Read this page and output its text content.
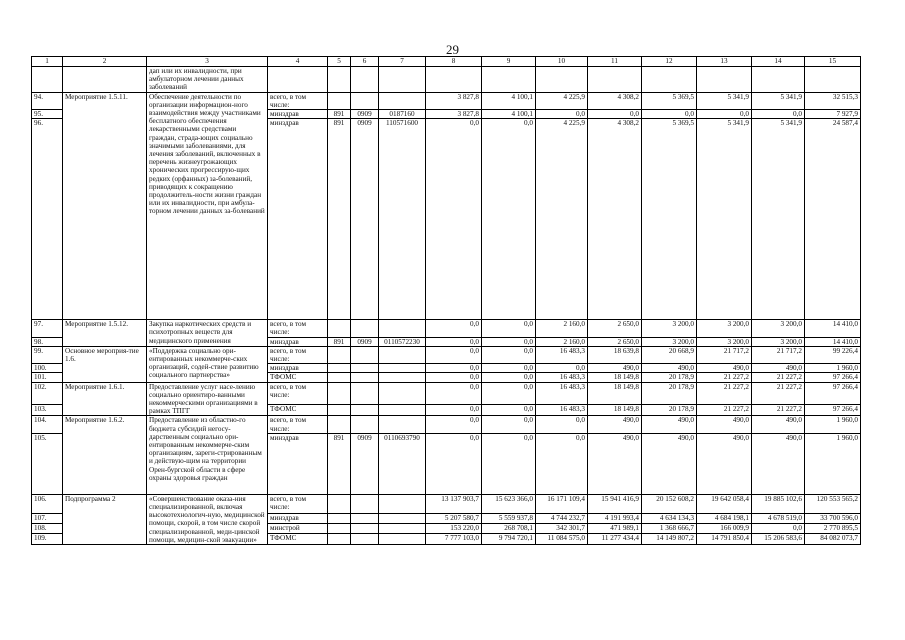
29
1	2	3	4	5	6	7	8	9	10	11	12	13	14	15
		дап или их инвалидности, при амбулаторном лечении данных заболеваний												
94.	Мероприятие 1.5.11.	Обеспечение деятельности по организации информацион-ного взаимодействия между участниками бесплатного обеспечения лекарственными средствами граждан, страда-ющих социально значимыми заболеваниями, для лечения заболеваний, включенных в перечень жизнеугрожающих хронических прогрессирую-щих редких (орфанных) за-болеваний, приводящих к сокращению продолжитель-ности жизни граждан или их инвалидности, при амбула-торном лечении данных за-болеваний	всего, в том числе:				3 827,8	4 100,1	4 225,9	4 308,2	5 369,5	5 341,9	5 341,9	32 515,3
95.			минздрав	891	0909	0187160	3 827,8	4 100,1	0,0	0,0	0,0	0,0	0,0	7 927,9
96.			минздрав	891	0909	110571600	0,0	0,0	4 225,9	4 308,2	5 369,5	5 341,9	5 341,9	24 587,4
97.	Мероприятие 1.5.12.	Закупка наркотических средств и психотропных веществ для медицинского применения	всего, в том числе:				0,0	0,0	2 160,0	2 650,0	3 200,0	3 200,0	3 200,0	14 410,0
98.			минздрав	891	0909	0110572230	0,0	0,0	2 160,0	2 650,0	3 200,0	3 200,0	3 200,0	14 410,0
99.	Основное мероприя-тие 1.6.	«Поддержка социально ори-ентированных некоммерче-ских организаций, содей-ствие развитию социального партнерства»	всего, в том числе:				0,0	0,0	16 483,3	18 639,8	20 668,9	21 717,2	21 717,2	99 226,4
100.			минздрав				0,0	0,0	0,0	490,0	490,0	490,0	490,0	1 960,0
101.			ТФОМС				0,0	0,0	16 483,3	18 149,8	20 178,9	21 227,2	21 227,2	97 266,4
102.	Мероприятие 1.6.1.	Предоставление услуг насе-лению социально ориентиро-ванными некоммерческими организациями в рамках ТПГГ	всего, в том числе:				0,0	0,0	16 483,3	18 149,8	20 178,9	21 227,2	21 227,2	97 266,4
103.			ТФОМС				0,0	0,0	16 483,3	18 149,8	20 178,9	21 227,2	21 227,2	97 266,4
104.	Мероприятие 1.6.2.	Предоставление из областно-го бюджета субсидий негосу-дарственным социально ори-ентированным некоммерче-ским организациям, зареги-стрированным и действую-щим на территории Орен-бургской области в сфере охраны здоровья граждан	всего, в том числе:				0,0	0,0	0,0	490,0	490,0	490,0	490,0	1 960,0
105.			минздрав	891	0909	0110693790	0,0	0,0	0,0	490,0	490,0	490,0	490,0	1 960,0
106.	Подпрограмма 2	«Совершенствование оказа-ния специализированной, включая высокотехнологич-ную, медицинской помощи, скорой, в том числе скорой специализированной, меди-цинской помощи, медицин-ской эвакуации»	всего, в том числе:				13 137 903,7	15 623 366,0	16 171 109,4	15 941 416,9	20 152 608,2	19 642 058,4	19 885 102,6	120 553 565,2
107.			минздрав				5 207 580,7	5 559 937,8	4 744 232,7	4 191 993,4	4 634 134,3	4 684 198,1	4 678 519,0	33 700 596,0
108.			минстрой				153 220,0	268 708,1	342 301,7	471 989,1	1 368 666,7	166 009,9	0,0	2 770 895,5
109.			ТФОМС				7 777 103,0	9 794 720,1	11 084 575,0	11 277 434,4	14 149 807,2	14 791 850,4	15 206 583,6	84 082 073,7
